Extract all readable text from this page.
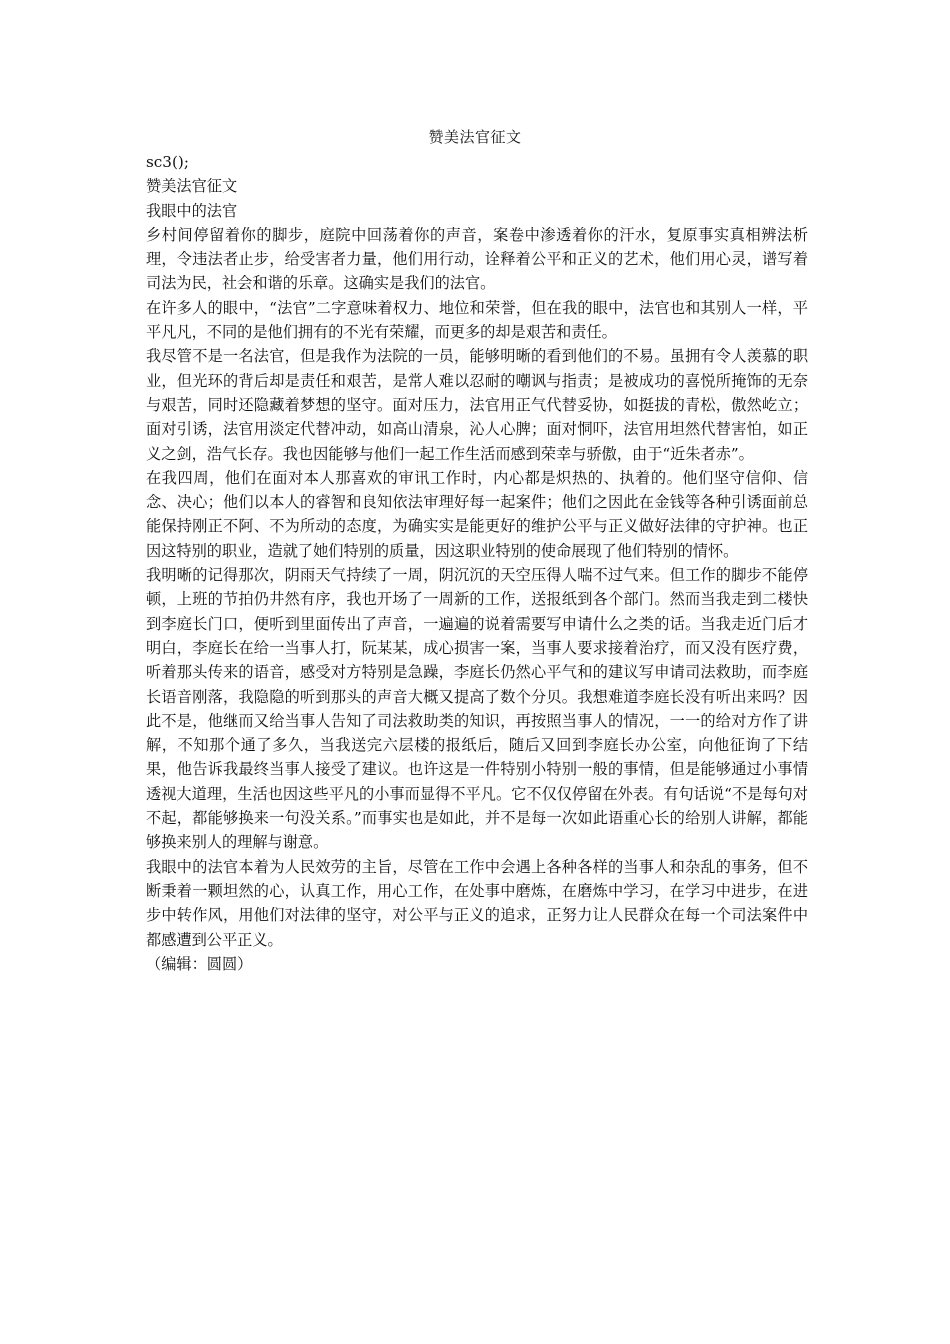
赞美法官征文

sc3();

赞美法官征文

我眼中的法官

乡村间停留着你的脚步，庭院中回荡着你的声音，案卷中渗透着你的汗水，复原事实真相辨法析理，令违法者止步，给受害者力量，他们用行动，诠释着公平和正义的艺术，他们用心灵，谱写着司法为民，社会和谐的乐章。这确实是我们的法官。

在许多人的眼中，“法官”二字意味着权力、地位和荣誉，但在我的眼中，法官也和其别人一样，平平凡凡，不同的是他们拥有的不光有荣耀，而更多的却是艰苦和责任。

我尽管不是一名法官，但是我作为法院的一员，能够明晰的看到他们的不易。虽拥有令人羡慕的职业，但光环的背后却是责任和艰苦，是常人难以忍耐的嘲讽与指责；是被成功的喜悦所掩饰的无奈与艰苦，同时还隐藏着梦想的坚守。面对压力，法官用正气代替妥协，如挺拔的青松，傲然屹立；面对引诱，法官用淡定代替冲动，如高山清泉，沁人心脾；面对恫吓，法官用坦然代替害怕，如正义之剑，浩气长存。我也因能够与他们一起工作生活而感到荣幸与骄傲，由于“近朱者赤”。

在我四周，他们在面对本人那喜欢的审讯工作时，内心都是炽热的、执着的。他们坚守信仰、信念、决心；他们以本人的睿智和良知依法审理好每一起案件；他们之因此在金钱等各种引诱面前总能保持刚正不阿、不为所动的态度，为确实实是能更好的维护公平与正义做好法律的守护神。也正因这特别的职业，造就了她们特别的质量，因这职业特别的使命展现了他们特别的情怀。

我明晰的记得那次，阴雨天气持续了一周，阴沉沉的天空压得人喘不过气来。但工作的脚步不能停顿，上班的节拍仍井然有序，我也开场了一周新的工作，送报纸到各个部门。然而当我走到二楼快到李庭长门口，便听到里面传出了声音，一遍遍的说着需要写申请什么之类的话。当我走近门后才明白，李庭长在给一当事人打，阮某某，成心损害一案，当事人要求接着治疗，而又没有医疗费，听着那头传来的语音，感受对方特别是急躁，李庭长仍然心平气和的建议写申请司法救助，而李庭长语音刚落，我隐隐的听到那头的声音大概又提高了数个分贝。我想难道李庭长没有听出来吗？因此不是，他继而又给当事人告知了司法救助类的知识，再按照当事人的情况，一一的给对方作了讲解，不知那个通了多久，当我送完六层楼的报纸后，随后又回到李庭长办公室，向他征询了下结果，他告诉我最终当事人接受了建议。也许这是一件特别小特别一般的事情，但是能够通过小事情透视大道理，生活也因这些平凡的小事而显得不平凡。它不仅仅停留在外表。有句话说“不是每句对不起，都能够换来一句没关系。”而事实也是如此，并不是每一次如此语重心长的给别人讲解，都能够换来别人的理解与谢意。

我眼中的法官本着为人民效劳的主旨，尽管在工作中会遇上各种各样的当事人和杂乱的事务，但不断秉着一颗坦然的心，认真工作，用心工作，在处事中磨炼，在磨炼中学习，在学习中进步，在进步中转作风，用他们对法律的坚守，对公平与正义的追求，正努力让人民群众在每一个司法案件中都感遭到公平正义。

（编辑：圆圆）
